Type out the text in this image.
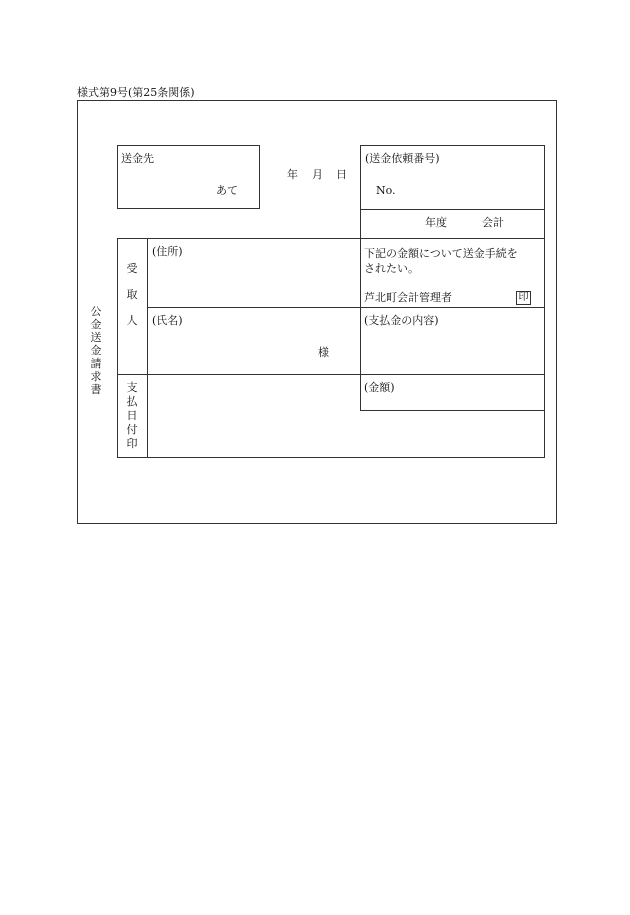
様式第9号(第25条関係)
公
金
送
金
請
求
書
送金先
あて
年 月 日
(送金依頼番号)
No.
年度	会計
受

取

人
(住所)
(氏名)
様
下記の金額について送金手続を
されたい。
芦北町会計管理者	印
(支払金の内容)
支
払
日
付
印
(金額)
